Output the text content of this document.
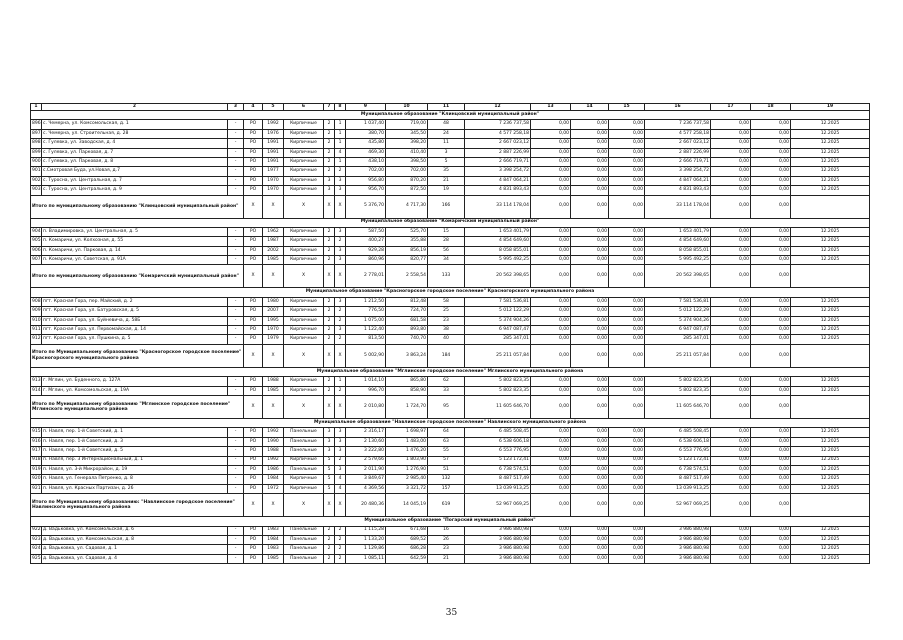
1	2	3	4	5	6	7	8	9	10	11	12	13	14	15	16	17	18	19
Муниципальное образование "Клинцовский муниципальный район"																		
896	с. Чемерна, ул. Комсомольская, д. 1	-	РО	1992	Кирпичные	2	1	1 037,40	719,00	48	7 236 737,58	0,00	0,00	0,00	7 236 737,58	0,00	0,00	12.2025
897	с. Чемерна, ул. Строительная, д. 28	-	РО	1976	Кирпичные	2	1	380,70	345,50	24	4 577 258,18	0,00	0,00	0,00	4 577 258,18	0,00	0,00	12.2025
898	с. Гулевка, ул. Заводская, д. 4	-	РО	1991	Кирпичные	2	1	435,80	398,20	11	2 667 023,12	0,00	0,00	0,00	2 667 023,12	0,00	0,00	12.2025
899	с. Гулевка, ул. Парковая, д. 7	-	РО	1991	Кирпичные	2	4	469,30	410,40	3	2 887 226,99	0,00	0,00	0,00	2 887 226,99	0,00	0,00	12.2025
900	с. Гулевка, ул. Парковая, д. 8	-	РО	1991	Кирпичные	2	1	438,10	398,50	5	2 666 719,71	0,00	0,00	0,00	2 666 719,71	0,00	0,00	12.2025
901	с.Смотровая Буда, ул.Новая, д.7	-	РО	1977	Кирпичные	2	2	702,00	702,00	35	3 398 254,72	0,00	0,00	0,00	3 398 254,72	0,00	0,00	12.2025
902	с. Туросна, ул. Центральная, д. 7	-	РО	1970	Кирпичные	3	3	956,80	870,20	21	4 847 064,21	0,00	0,00	0,00	4 847 064,21	0,00	0,00	12.2025
903	с. Туросна, ул. Центральная, д. 9	-	РО	1970	Кирпичные	3	3	956,70	872,50	19	4 831 893,43	0,00	0,00	0,00	4 831 893,43	0,00	0,00	12.2025
Итого по муниципальному образованию "Клинцовский муниципальный район"			X	X	X	X	X	5 376,70	4 717,30	166	33 114 178,04	0,00	0,00	0,00	33 114 178,04	0,00	0,00	
Муниципальное образование "Комаричский муниципальный район"																		
904	п. Владимировка, ул. Центральная, д. 5	-	РО	1962	Кирпичные	2	3	587,50	525,70	15	1 653 401,79	0,00	0,00	0,00	1 653 401,79	0,00	0,00	12.2025
905	п. Комаричи, ул. Колхозная, д. 55	-	РО	1987	Кирпичные	2	2	400,27	355,88	28	4 854 649,60	0,00	0,00	0,00	4 854 649,60	0,00	0,00	12.2025
906	п. Комаричи, ул. Парковая, д. 14	-	РО	2002	Кирпичные	2	3	929,28	856,19	56	8 058 855,01	0,00	0,00	0,00	8 058 855,01	0,00	0,00	12.2025
907	п. Комаричи, ул. Советская, д. 91А	-	РО	1985	Кирпичные	2	3	860,96	820,77	34	5 995 492,25	0,00	0,00	0,00	5 995 492,25	0,00	0,00	12.2025
Итого по муниципальному образованию "Комаричский муниципальный район"			X	X	X	X	X	2 778,01	2 558,54	133	20 562 398,65	0,00	0,00	0,00	20 562 398,65	0,00	0,00	
Муниципальное образование "Красногорское городское поселение" Красногорского муниципального района																		
908	пгт. Красная Гора, пер. Майский, д. 2	-	РО	1980	Кирпичные	2	3	1 212,50	812,48	58	7 581 536,81	0,00	0,00	0,00	7 581 536,81	0,00	0,00	12.2025
909	пгт. Красная Гора, ул. Батуровская, д. 5	-	РО	2007	Кирпичные	2	2	776,50	724,70	25	5 012 122,29	0,00	0,00	0,00	5 012 122,29	0,00	0,00	12.2025
910	пгт. Красная Гора, ул. Буйневича, д. 58Б	-	РО	1995	Кирпичные	2	2	1 075,00	681,58	23	5 374 904,26	0,00	0,00	0,00	5 374 904,26	0,00	0,00	12.2025
911	пгт. Красная Гора, ул. Первомайская, д. 14	-	РО	1970	Кирпичные	2	3	1 122,40	893,80	38	6 947 087,47	0,00	0,00	0,00	6 947 087,47	0,00	0,00	12.2025
912	пгт. Красная Гора, ул. Пушкина, д. 5	-	РО	1979	Кирпичные	2	2	813,50	740,70	40	285 347,01	0,00	0,00	0,00	285 347,01	0,00	0,00	12.2025
Итого по Муниципальному образованию "Красногорское городское поселение" Красногорского муниципального района			X	X	X	X	X	5 002,90	3 863,24	184	25 211 057,84	0,00	0,00	0,00	25 211 057,84	0,00	0,00	
Муниципальное образование "Мглинское городское поселение" Мглинского муниципального района																		
913	г. Мглин, ул. Буденного, д. 127А	-	РО	1988	Кирпичные	2	1	1 014,10	865,80	62	5 802 823,35	0,00	0,00	0,00	5 802 823,35	0,00	0,00	12.2025
914	г. Мглин, ул. Комсомольская, д. 19А	-	РО	1985	Кирпичные	2	2	996,70	858,90	33	5 802 823,35	0,00	0,00	0,00	5 802 823,35	0,00	0,00	12.2025
Итого по Муниципальному образованию "Мглинское городское поселение" Мглинского муниципального района			X	X	X	X	X	2 010,80	1 724,70	95	11 605 646,70	0,00	0,00	0,00	11 605 646,70	0,00	0,00	
Муниципальное образование "Навлинское городское поселение" Навлинского муниципального района																		
915	п. Навля, пер. 1-й Советский, д. 1	-	РО	1992	Панельные	3	3	2 316,17	1 698,97	64	6 485 508,45	0,00	0,00	0,00	6 485 508,45	0,00	0,00	12.2025
916	п. Навля, пер. 1-й Советский, д. 3	-	РО	1990	Панельные	3	3	2 130,60	1 483,00	63	6 538 606,18	0,00	0,00	0,00	6 538 606,18	0,00	0,00	12.2025
917	п. Навля, пер. 1-й Советский, д. 5	-	РО	1988	Панельные	3	3	3 222,80	1 476,20	55	6 553 776,95	0,00	0,00	0,00	6 553 776,95	0,00	0,00	12.2025
918	п. Навля, пер. 3 Интернациональный, д. 1	-	РО	1992	Кирпичные	5	2	2 579,66	1 803,90	57	5 123 172,41	0,00	0,00	0,00	5 123 172,41	0,00	0,00	12.2025
919	п. Навля, ул. 3-й Микрорайон, д. 19	-	РО	1986	Панельные	5	3	2 011,90	1 276,90	51	6 738 574,51	0,00	0,00	0,00	6 738 574,51	0,00	0,00	12.2025
920	п. Навля, ул. Генерала Петренко, д. 8	-	РО	1984	Кирпичные	5	4	3 849,67	2 985,40	132	8 487 517,49	0,00	0,00	0,00	8 487 517,49	0,00	0,00	12.2025
921	п. Навля, ул. Красных Партизан, д. 26	-	РО	1972	Кирпичные	5	4	4 369,56	3 321,72	157	13 039 913,25	0,00	0,00	0,00	13 039 913,25	0,00	0,00	12.2025
Итого по Муниципальному образованию: "Навлинское городское поселение" Навлинского муниципального района			X	X	X	X	X	20 480,36	14 045,19	619	52 967 069,25	0,00	0,00	0,00	52 967 069,25	0,00	0,00	
Муниципальное образование "Погарский муниципальный район"																		
922	д. Вадьковка, ул. Комсомольская, д. 6	-	РО	1983	Панельные	2	2	1 115,28	671,68	16	3 986 880,98	0,00	0,00	0,00	3 986 880,98	0,00	0,00	12.2025
923	д. Вадьковка, ул. Комсомольская, д. 8	-	РО	1984	Панельные	2	2	1 133,20	689,52	26	3 986 880,98	0,00	0,00	0,00	3 986 880,98	0,00	0,00	12.2025
924	д. Вадьковка, ул. Садовая, д. 1	-	РО	1983	Панельные	2	2	1 129,86	686,28	23	3 986 880,98	0,00	0,00	0,00	3 986 880,98	0,00	0,00	12.2025
925	д. Вадьковка, ул. Садовая, д. 4	-	РО	1985	Панельные	2	2	1 085,11	642,59	21	3 986 880,98	0,00	0,00	0,00	3 986 880,98	0,00	0,00	12.2025
35
